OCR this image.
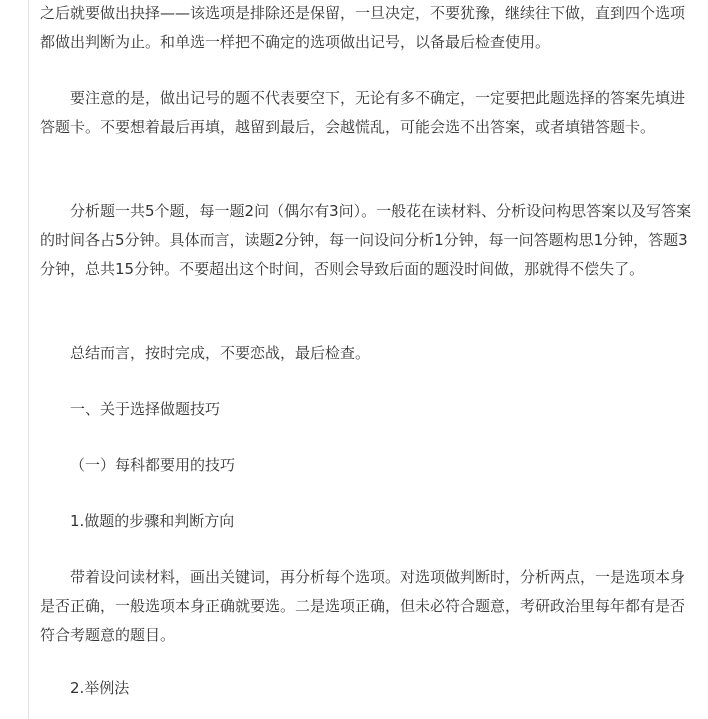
之后就要做出抉择——该选项是排除还是保留，一旦决定，不要犹豫，继续往下做，直到四个选项都做出判断为止。和单选一样把不确定的选项做出记号，以备最后检查使用。

要注意的是，做出记号的题不代表要空下，无论有多不确定，一定要把此题选择的答案先填进答题卡。不要想着最后再填，越留到最后，会越慌乱，可能会选不出答案，或者填错答题卡。

分析题一共5个题，每一题2问（偶尔有3问）。一般花在读材料、分析设问构思答案以及写答案的时间各占5分钟。具体而言，读题2分钟，每一问设问分析1分钟，每一问答题构思1分钟，答题3分钟，总共15分钟。不要超出这个时间，否则会导致后面的题没时间做，那就得不偿失了。

总结而言，按时完成，不要恋战，最后检查。

一、关于选择做题技巧

（一）每科都要用的技巧

1.做题的步骤和判断方向

带着设问读材料，画出关键词，再分析每个选项。对选项做判断时，分析两点，一是选项本身是否正确，一般选项本身正确就要选。二是选项正确，但未必符合题意，考研政治里每年都有是否符合考题意的题目。

2.举例法
